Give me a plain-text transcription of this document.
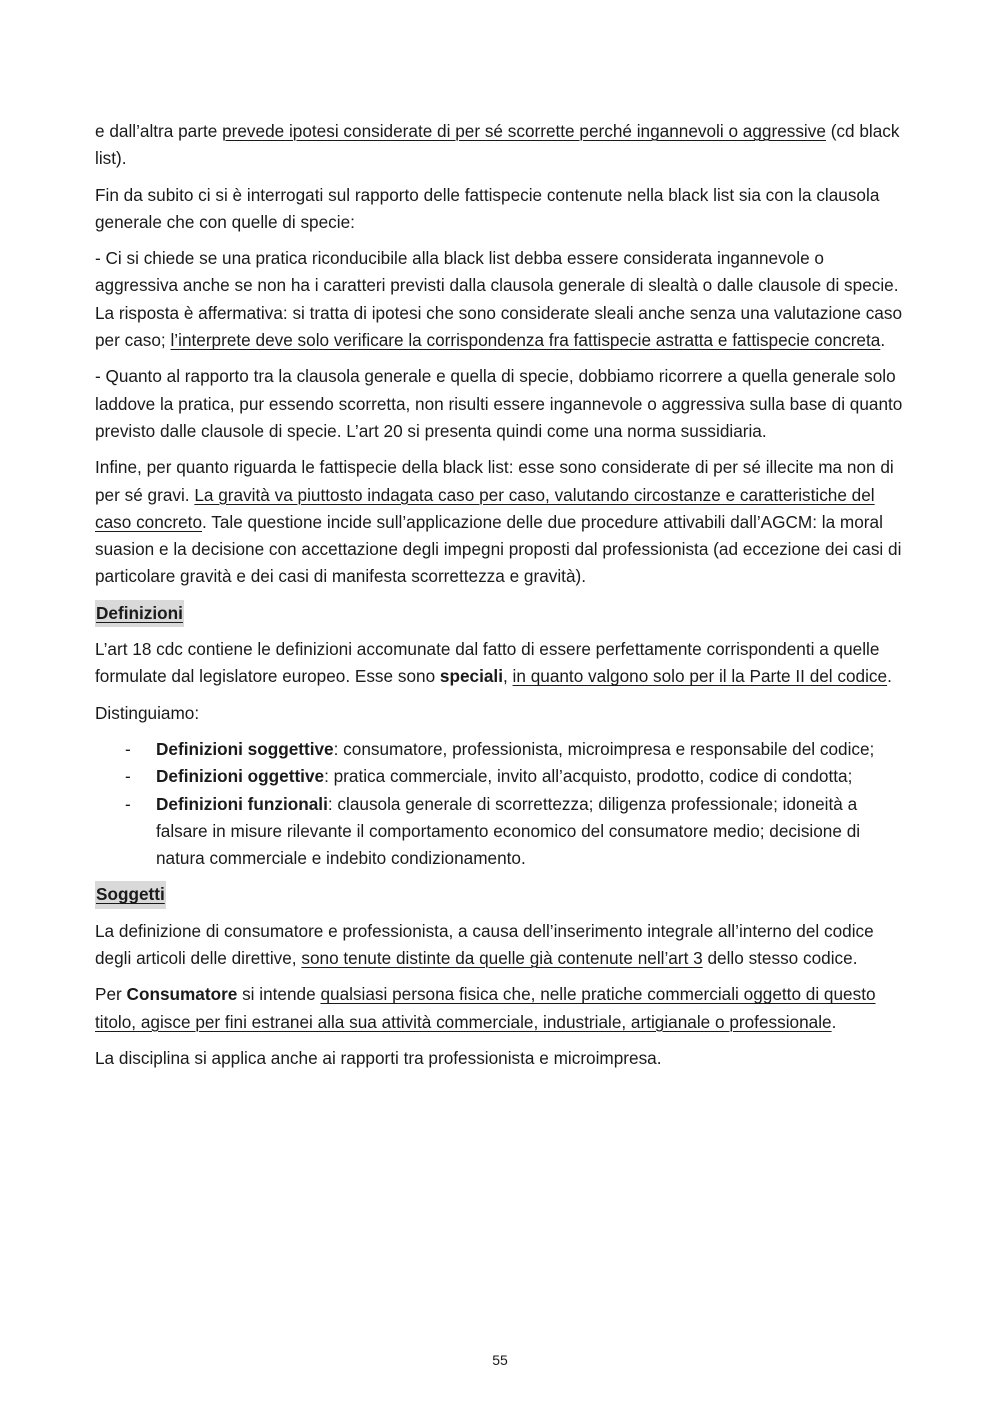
e dall’altra parte prevede ipotesi considerate di per sé scorrette perché ingannevoli o aggressive (cd black list).

Fin da subito ci si è interrogati sul rapporto delle fattispecie contenute nella black list sia con la clausola generale che con quelle di specie:

- Ci si chiede se una pratica riconducibile alla black list debba essere considerata ingannevole o aggressiva anche se non ha i caratteri previsti dalla clausola generale di slealtà o dalle clausole di specie. La risposta è affermativa: si tratta di ipotesi che sono considerate sleali anche senza una valutazione caso per caso; l’interprete deve solo verificare la corrispondenza fra fattispecie astratta e fattispecie concreta.

- Quanto al rapporto tra la clausola generale e quella di specie, dobbiamo ricorrere a quella generale solo laddove la pratica, pur essendo scorretta, non risulti essere ingannevole o aggressiva sulla base di quanto previsto dalle clausole di specie. L’art 20 si presenta quindi come una norma sussidiaria.

Infine, per quanto riguarda le fattispecie della black list: esse sono considerate di per sé illecite ma non di per sé gravi. La gravità va piuttosto indagata caso per caso, valutando circostanze e caratteristiche del caso concreto. Tale questione incide sull’applicazione delle due procedure attivabili dall’AGCM: la moral suasion e la decisione con accettazione degli impegni proposti dal professionista (ad eccezione dei casi di particolare gravità e dei casi di manifesta scorrettezza e gravità).

Definizioni

L’art 18 cdc contiene le definizioni accomunate dal fatto di essere perfettamente corrispondenti a quelle formulate dal legislatore europeo. Esse sono speciali, in quanto valgono solo per il la Parte II del codice.

Distinguiamo:

- Definizioni soggettive: consumatore, professionista, microimpresa e responsabile del codice;
- Definizioni oggettive: pratica commerciale, invito all’acquisto, prodotto, codice di condotta;
- Definizioni funzionali: clausola generale di scorrettezza; diligenza professionale; idoneità a falsare in misure rilevante il comportamento economico del consumatore medio; decisione di natura commerciale e indebito condizionamento.
Soggetti

La definizione di consumatore e professionista, a causa dell’inserimento integrale all’interno del codice degli articoli delle direttive, sono tenute distinte da quelle già contenute nell’art 3 dello stesso codice.

Per Consumatore si intende qualsiasi persona fisica che, nelle pratiche commerciali oggetto di questo titolo, agisce per fini estranei alla sua attività commerciale, industriale, artigianale o professionale.

La disciplina si applica anche ai rapporti tra professionista e microimpresa.

55
